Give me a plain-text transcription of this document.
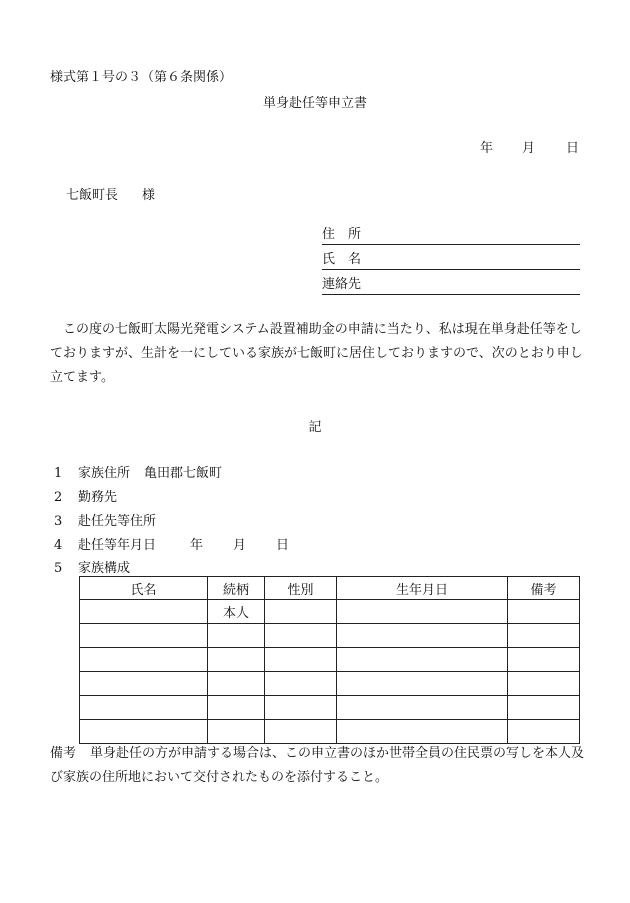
様式第１号の３（第６条関係）
単身赴任等申立書
年 月 日
七飯町長 様
住　所
氏　名
連絡先
この度の七飯町太陽光発電システム設置補助金の申請に当たり、私は現在単身赴任等をしておりますが、生計を一にしている家族が七飯町に居住しておりますので、次のとおり申し立てます。
記
1 家族住所 亀田郡七飯町
2 勤務先
3 赴任先等住所
4 赴任等年月日	年 月 日
5 家族構成
氏名	続柄	性別	生年月日	備考
	本人			

備考 単身赴任の方が申請する場合は、この申立書のほか世帯全員の住民票の写しを本人及び家族の住所地において交付されたものを添付すること。
